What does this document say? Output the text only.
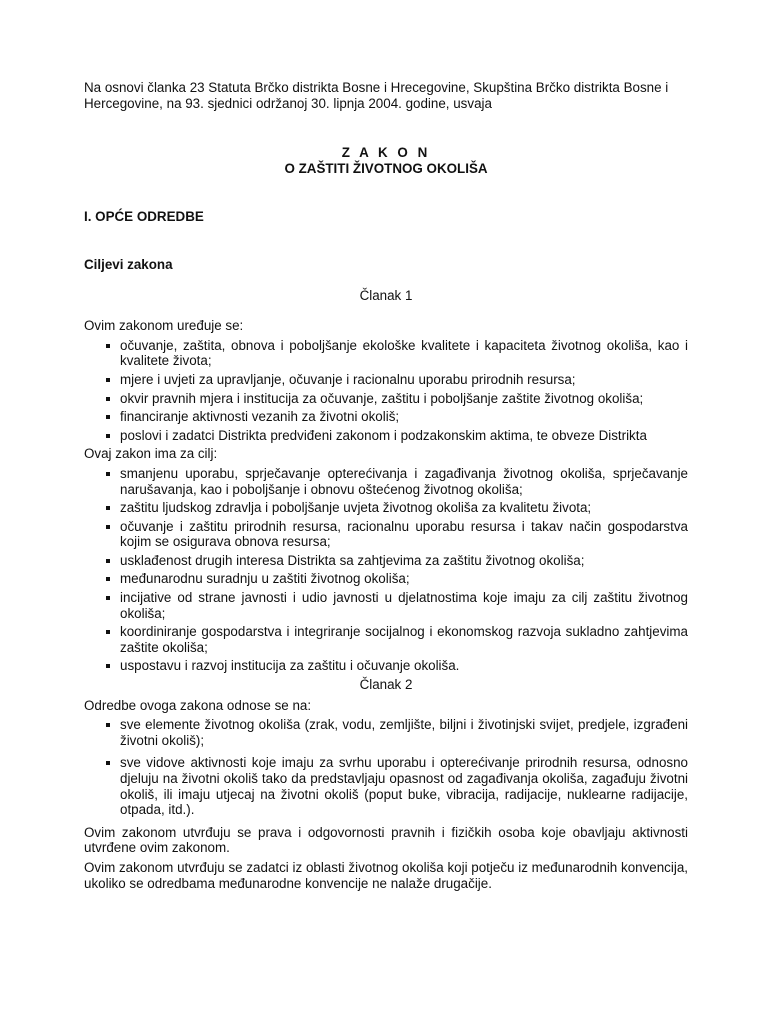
Na osnovi članka 23 Statuta Brčko distrikta Bosne i Hrecegovine, Skupština Brčko distrikta Bosne i Hercegovine, na 93. sjednici održanoj 30. lipnja 2004. godine, usvaja

Z A K O N
O ZAŠTITI ŽIVOTNOG OKOLIŠA
I. OPĆE ODREDBE
Ciljevi zakona
Članak 1

Ovim zakonom uređuje se:

očuvanje, zaštita, obnova i poboljšanje ekološke kvalitete i kapaciteta životnog okoliša, kao i kvalitete života;
mjere i uvjeti za upravljanje, očuvanje i racionalnu uporabu prirodnih resursa;
okvir pravnih mjera i institucija za očuvanje, zaštitu i poboljšanje zaštite životnog okoliša;
financiranje aktivnosti vezanih za životni okoliš;
poslovi i zadatci Distrikta predviđeni zakonom i podzakonskim aktima, te obveze Distrikta

Ovaj zakon ima za cilj:

smanjenu uporabu, sprječavanje opterećivanja i zagađivanja životnog okoliša, sprječavanje narušavanja, kao i poboljšanje i obnovu oštećenog životnog okoliša;
zaštitu ljudskog zdravlja i poboljšanje uvjeta životnog okoliša za kvalitetu života;
očuvanje i zaštitu prirodnih resursa, racionalnu uporabu resursa i takav način gospodarstva kojim se osigurava obnova resursa;
usklađenost drugih interesa Distrikta sa zahtjevima za zaštitu životnog okoliša;
međunarodnu suradnju u zaštiti životnog okoliša;
incijative od strane javnosti i udio javnosti u djelatnostima koje imaju za cilj zaštitu životnog okoliša;
koordiniranje gospodarstva i integriranje socijalnog i ekonomskog razvoja sukladno zahtjevima zaštite okoliša;
uspostavu i razvoj institucija za zaštitu i očuvanje okoliša.
Članak 2

Odredbe ovoga zakona odnose se na:

sve elemente životnog okoliša (zrak, vodu, zemljište, biljni i životinjski svijet, predjele, izgrađeni životni okoliš);
sve vidove aktivnosti koje imaju za svrhu uporabu i opterećivanje prirodnih resursa, odnosno djeluju na životni okoliš tako da predstavljaju opasnost od zagađivanja okoliša, zagađuju životni okoliš, ili imaju utjecaj na životni okoliš (poput buke, vibracija, radijacije, nuklearne radijacije, otpada, itd.).

Ovim zakonom utvrđuju se prava i odgovornosti pravnih i fizičkih osoba koje obavljaju aktivnosti utvrđene ovim zakonom.

Ovim zakonom utvrđuju se zadatci iz oblasti životnog okoliša koji potječu iz međunarodnih konvencija, ukoliko se odredbama međunarodne konvencije ne nalaže drugačije.
